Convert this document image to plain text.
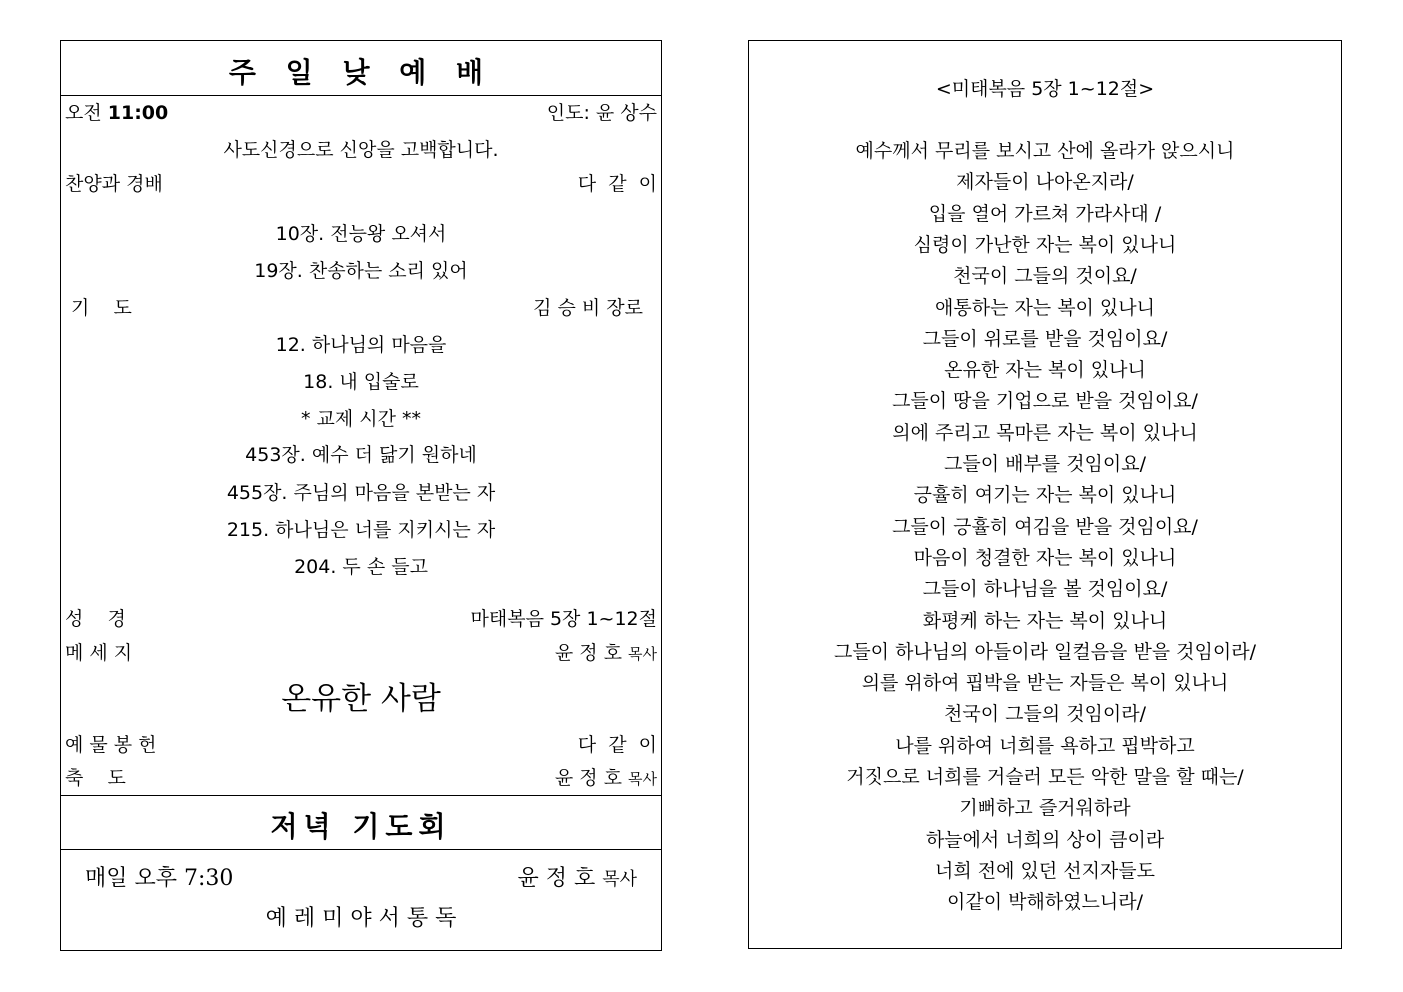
주 일 낮 예 배
오전 11:00	인도: 윤 상수
사도신경으로 신앙을 고백합니다.
찬양과 경배	다  같  이
10장. 전능왕 오셔서
19장. 찬송하는 소리 있어
기    도	김 승 비 장로
12. 하나님의 마음을
18. 내 입술로
* 교제 시간 **
453장. 예수 더 닮기 원하네
455장. 주님의 마음을 본받는 자
215. 하나님은 너를 지키시는 자
204. 두 손 들고
성    경	마태복음 5장 1~12절
메 세 지	윤 정 호 목사
온유한 사람
예 물 봉 헌	다  같  이
축    도	윤 정 호 목사
저녁 기도회
매일 오후 7:30	윤 정 호 목사
예 레 미 야 서 통 독
<미태복음 5장 1~12절>
예수께서 무리를 보시고 산에 올라가 앉으시니
제자들이 나아온지라/
입을 열어 가르쳐 가라사대 /
심령이 가난한 자는 복이 있나니
천국이 그들의 것이요/
애통하는 자는 복이 있나니
그들이 위로를 받을 것임이요/
온유한 자는 복이 있나니
그들이 땅을 기업으로 받을 것임이요/
의에 주리고 목마른 자는 복이 있나니
그들이 배부를 것임이요/
긍휼히 여기는 자는 복이 있나니
그들이 긍휼히 여김을 받을 것임이요/
마음이 청결한 자는 복이 있나니
그들이 하나님을 볼 것임이요/
화평케 하는 자는 복이 있나니
그들이 하나님의 아들이라 일컬음을 받을 것임이라/
의를 위하여 핍박을 받는 자들은 복이 있나니
천국이 그들의 것임이라/
나를 위하여 너희를 욕하고 핍박하고
거짓으로 너희를 거슬러 모든 악한 말을 할 때는/
기뻐하고 즐거워하라
하늘에서 너희의 상이 큼이라
너희 전에 있던 선지자들도
이같이 박해하였느니라/
